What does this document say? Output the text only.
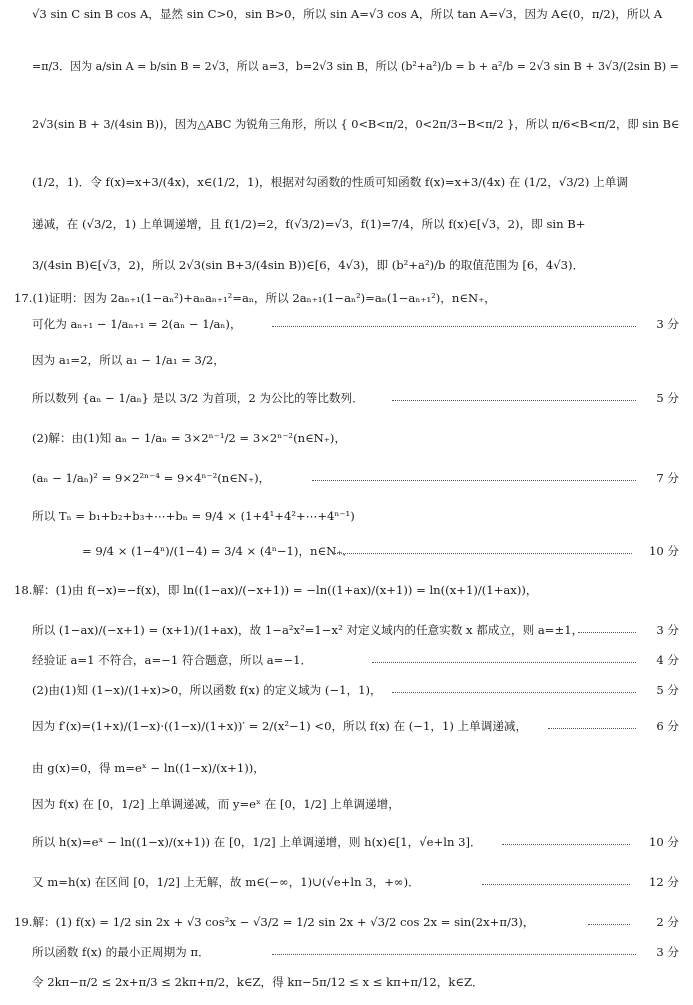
√3 sin C sin B cos A，显然 sin C>0，sin B>0，所以 sin A=√3 cos A，所以 tan A=√3，因为 A∈(0，π/2)，所以 A
=π/3．因为 a/sin A = b/sin B = 2√3，所以 a=3，b=2√3 sin B，所以 (b²+a²)/b = b + a²/b = 2√3 sin B + 3√3/(2sin B) =
2√3(sin B + 3/(4sin B))，因为△ABC 为锐角三角形，所以 { 0<B<π/2，0<2π/3−B<π/2 }，所以 π/6<B<π/2，即 sin B∈
(1/2，1)．令 f(x)=x+3/(4x)，x∈(1/2，1)，根据对勾函数的性质可知函数 f(x)=x+3/(4x) 在 (1/2，√3/2) 上单调
递减，在 (√3/2，1) 上单调递增，且 f(1/2)=2，f(√3/2)=√3，f(1)=7/4，所以 f(x)∈[√3，2)，即 sin B+
3/(4sin B)∈[√3，2)，所以 2√3(sin B+3/(4sin B))∈[6，4√3)，即 (b²+a²)/b 的取值范围为 [6，4√3)．
17.(1)证明：因为 2aₙ₊₁(1−aₙ²)+aₙaₙ₊₁²=aₙ，所以 2aₙ₊₁(1−aₙ²)=aₙ(1−aₙ₊₁²)，n∈N₊，
可化为 aₙ₊₁ − 1/aₙ₊₁ = 2(aₙ − 1/aₙ)，	3 分
因为 a₁=2，所以 a₁ − 1/a₁ = 3/2，
所以数列 {aₙ − 1/aₙ} 是以 3/2 为首项，2 为公比的等比数列．	5 分
(2)解：由(1)知 aₙ − 1/aₙ = 3×2ⁿ⁻¹/2 = 3×2ⁿ⁻²(n∈N₊)，
(aₙ − 1/aₙ)² = 9×2²ⁿ⁻⁴ = 9×4ⁿ⁻²(n∈N₊)，	7 分
所以 Tₙ = b₁+b₂+b₃+⋯+bₙ = 9/4 × (1+4¹+4²+⋯+4ⁿ⁻¹)
= 9/4 × (1−4ⁿ)/(1−4) = 3/4 × (4ⁿ−1)，n∈N₊．	10 分
18.解：(1)由 f(−x)=−f(x)，即 ln((1−ax)/(−x+1)) = −ln((1+ax)/(x+1)) = ln((x+1)/(1+ax))，
所以 (1−ax)/(−x+1) = (x+1)/(1+ax)，故 1−a²x²=1−x² 对定义域内的任意实数 x 都成立，则 a=±1，	3 分
经验证 a=1 不符合，a=−1 符合题意，所以 a=−1．	4 分
(2)由(1)知 (1−x)/(1+x)>0，所以函数 f(x) 的定义域为 (−1，1)，	5 分
因为 f′(x)=(1+x)/(1−x)·((1−x)/(1+x))′ = 2/(x²−1) <0，所以 f(x) 在 (−1，1) 上单调递减，	6 分
由 g(x)=0，得 m=eˣ − ln((1−x)/(x+1))，
因为 f(x) 在 [0，1/2] 上单调递减，而 y=eˣ 在 [0，1/2] 上单调递增，
所以 h(x)=eˣ − ln((1−x)/(x+1)) 在 [0，1/2] 上单调递增，则 h(x)∈[1，√e+ln 3]．	10 分
又 m=h(x) 在区间 [0，1/2] 上无解，故 m∈(−∞，1)∪(√e+ln 3，+∞)．	12 分
19.解：(1) f(x) = 1/2 sin 2x + √3 cos²x − √3/2 = 1/2 sin 2x + √3/2 cos 2x = sin(2x+π/3)，	2 分
所以函数 f(x) 的最小正周期为 π．	3 分
令 2kπ−π/2 ≤ 2x+π/3 ≤ 2kπ+π/2，k∈Z，得 kπ−5π/12 ≤ x ≤ kπ+π/12，k∈Z．
